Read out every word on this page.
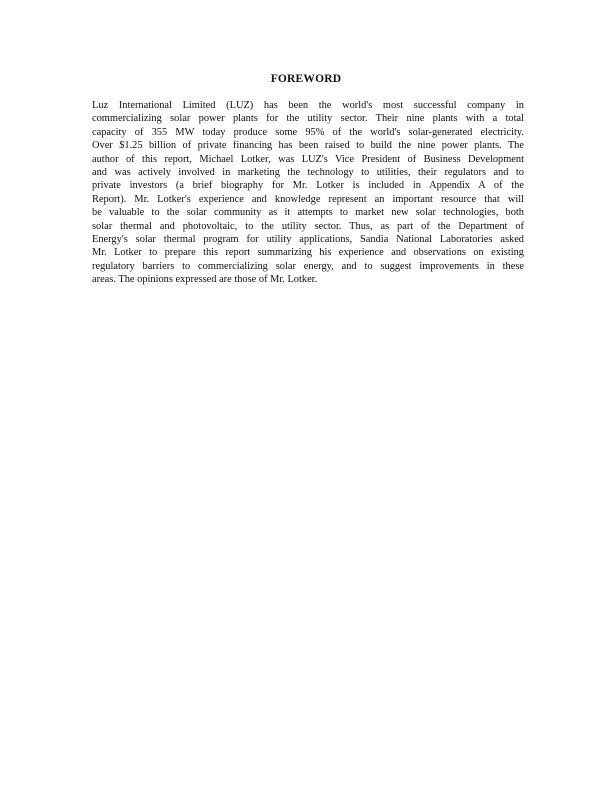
FOREWORD
Luz International Limited (LUZ) has been the world's most successful company in
commercializing solar power plants for the utility sector. Their nine plants with a total
capacity of 355 MW today produce some 95% of the world's solar-generated electricity.
Over $1.25 billion of private financing has been raised to build the nine power plants. The
author of this report, Michael Lotker, was LUZ's Vice President of Business Development
and was actively involved in marketing the technology to utilities, their regulators and to
private investors (a brief biography for Mr. Lotker is included in Appendix A of the
Report). Mr. Lotker's experience and knowledge represent an important resource that will
be valuable to the solar community as it attempts to market new solar technologies, both
solar thermal and photovoltaic, to the utility sector. Thus, as part of the Department of
Energy's solar thermal program for utility applications, Sandia National Laboratories asked
Mr. Lotker to prepare this report summarizing his experience and observations on existing
regulatory barriers to commercializing solar energy, and to suggest improvements in these
areas. The opinions expressed are those of Mr. Lotker.
